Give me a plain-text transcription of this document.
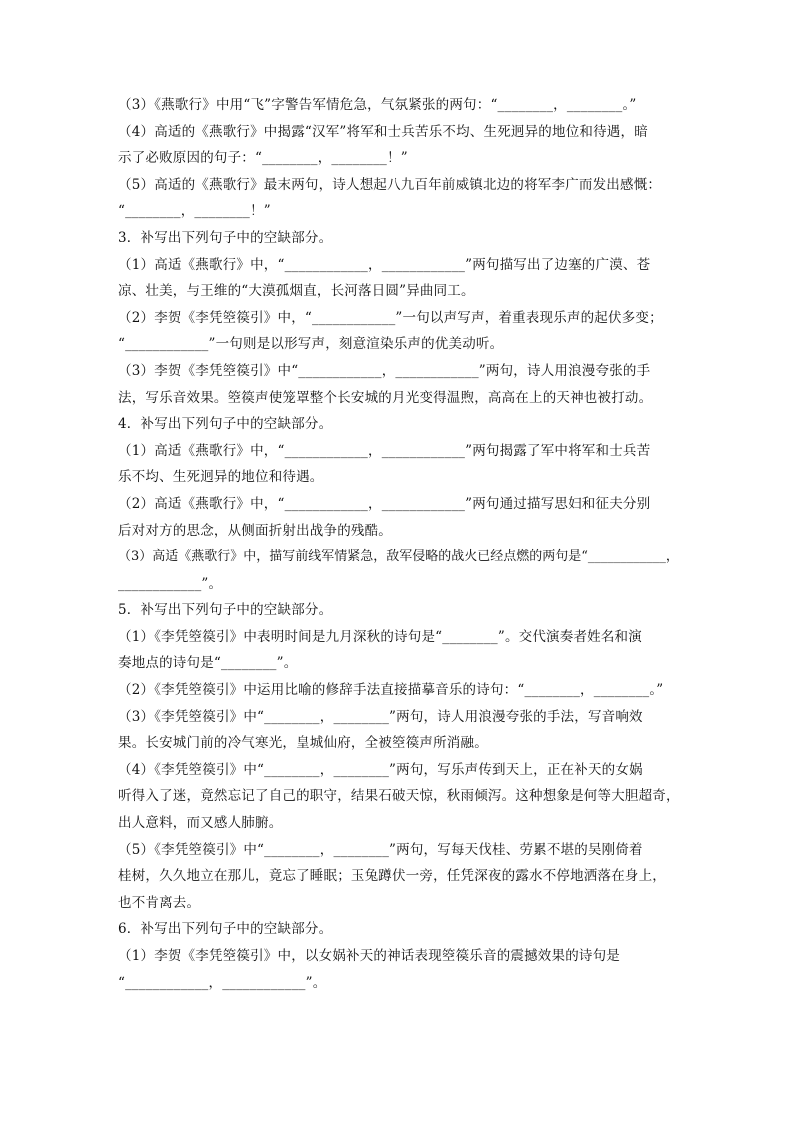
（3）《燕歌行》中用“飞”字警告军情危急，气氛紧张的两句：“________，________。”
（4）高适的《燕歌行》中揭露“汉军”将军和士兵苦乐不均、生死迥异的地位和待遇，暗
示了必败原因的句子：“________，________！”
（5）高适的《燕歌行》最末两句，诗人想起八九百年前威镇北边的将军李广而发出感慨：
“________，________！”
3．补写出下列句子中的空缺部分。
（1）高适《燕歌行》中，“____________，____________”两句描写出了边塞的广漠、苍
凉、壮美，与王维的“大漠孤烟直，长河落日圆”异曲同工。
（2）李贺《李凭箜篌引》中，“____________”一句以声写声，着重表现乐声的起伏多变；
“____________”一句则是以形写声，刻意渲染乐声的优美动听。
（3）李贺《李凭箜篌引》中“____________，____________”两句，诗人用浪漫夸张的手
法，写乐音效果。箜篌声使笼罩整个长安城的月光变得温煦，高高在上的天神也被打动。
4．补写出下列句子中的空缺部分。
（1）高适《燕歌行》中，“____________，____________”两句揭露了军中将军和士兵苦
乐不均、生死迥异的地位和待遇。
（2）高适《燕歌行》中，“____________，____________”两句通过描写思妇和征夫分别
后对对方的思念，从侧面折射出战争的残酷。
（3）高适《燕歌行》中，描写前线军情紧急，敌军侵略的战火已经点燃的两句是“____________，
____________”。
5．补写出下列句子中的空缺部分。
（1）《李凭箜篌引》中表明时间是九月深秋的诗句是“________”。交代演奏者姓名和演
奏地点的诗句是“________”。
（2）《李凭箜篌引》中运用比喻的修辞手法直接描摹音乐的诗句：“________，________。”
（3）《李凭箜篌引》中“________，________”两句，诗人用浪漫夸张的手法，写音响效
果。长安城门前的冷气寒光，皇城仙府，全被箜篌声所消融。
（4）《李凭箜篌引》中“________，________”两句，写乐声传到天上，正在补天的女娲
听得入了迷，竟然忘记了自己的职守，结果石破天惊，秋雨倾泻。这种想象是何等大胆超奇，
出人意料，而又感人肺腑。
（5）《李凭箜篌引》中“________，________”两句，写每天伐桂、劳累不堪的吴刚倚着
桂树，久久地立在那儿，竟忘了睡眠；玉兔蹲伏一旁，任凭深夜的露水不停地洒落在身上，
也不肯离去。
6．补写出下列句子中的空缺部分。
（1）李贺《李凭箜篌引》中，以女娲补天的神话表现箜篌乐音的震撼效果的诗句是
“____________，____________”。
